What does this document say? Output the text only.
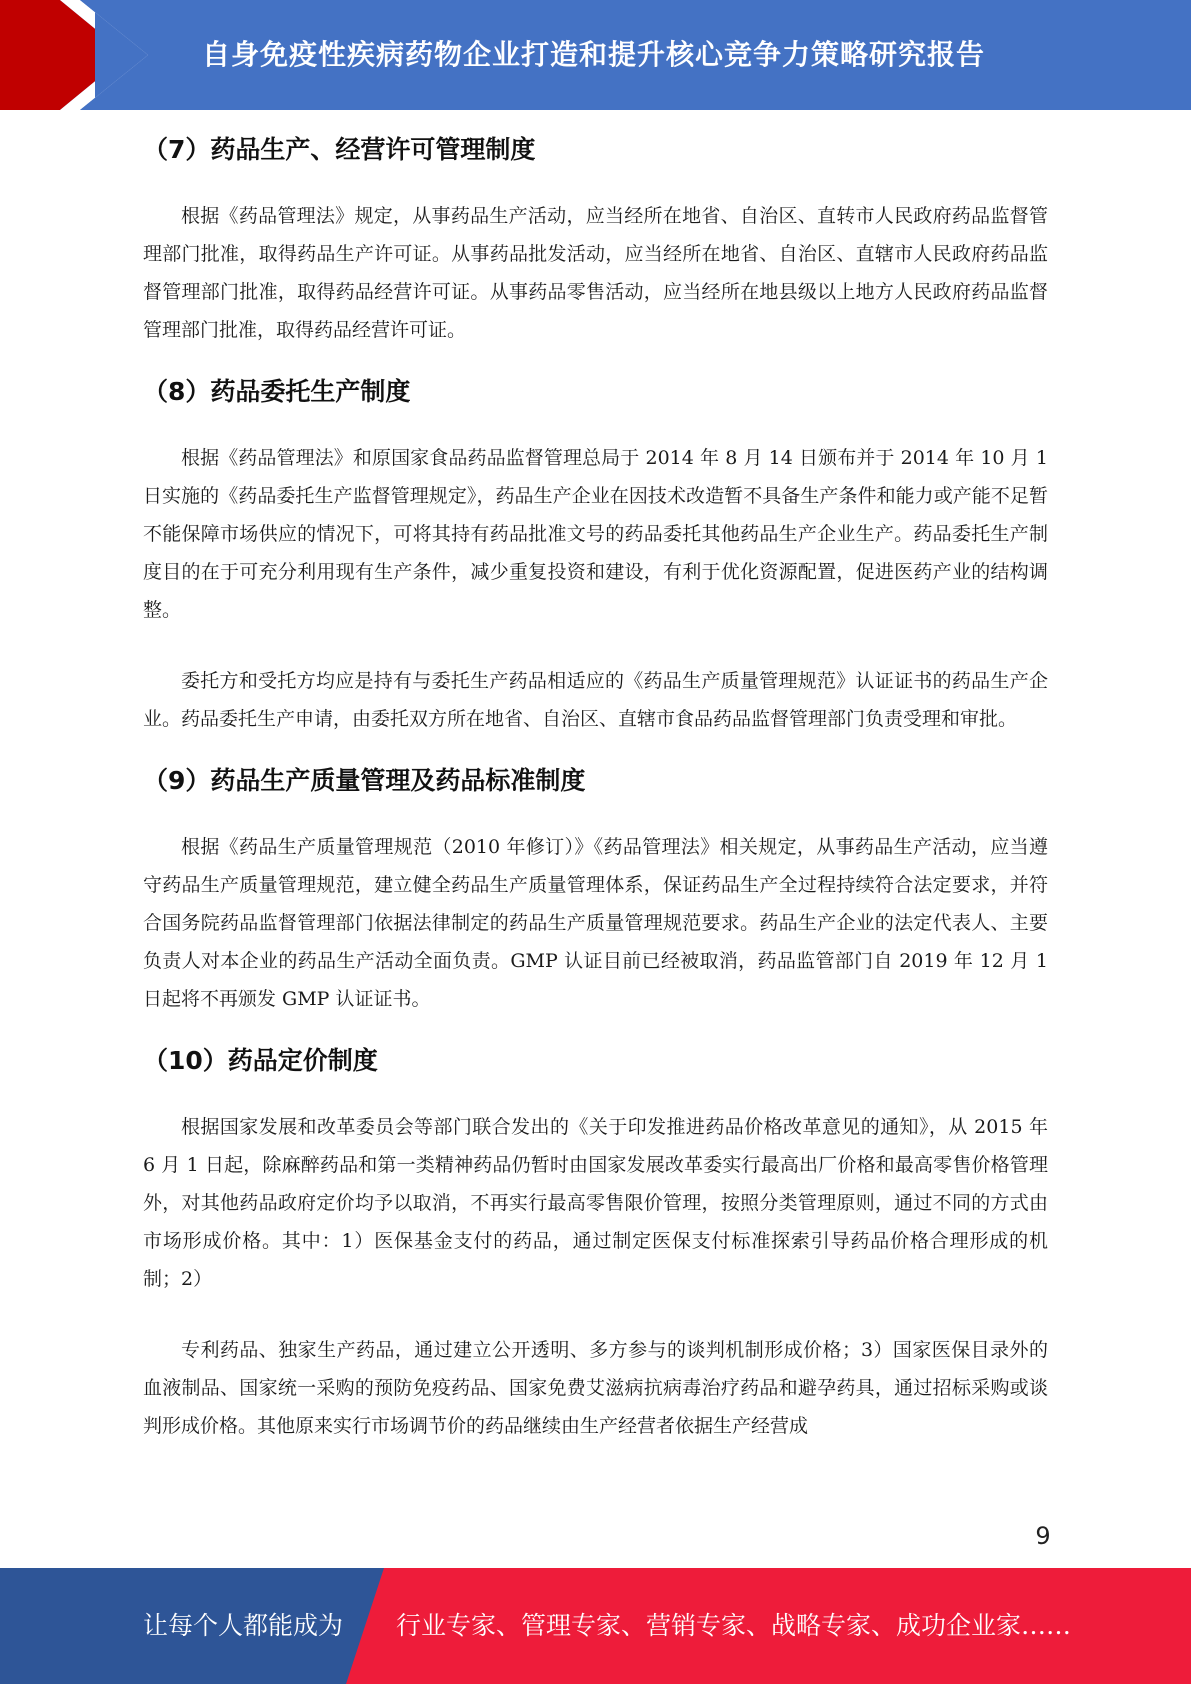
自身免疫性疾病药物企业打造和提升核心竞争力策略研究报告
（7）药品生产、经营许可管理制度

根据《药品管理法》规定，从事药品生产活动，应当经所在地省、自治区、直转市人民政府药品监督管理部门批准，取得药品生产许可证。从事药品批发活动，应当经所在地省、自治区、直辖市人民政府药品监督管理部门批准，取得药品经营许可证。从事药品零售活动，应当经所在地县级以上地方人民政府药品监督管理部门批准，取得药品经营许可证。

（8）药品委托生产制度

根据《药品管理法》和原国家食品药品监督管理总局于 2014 年 8 月 14 日颁布并于 2014 年 10 月 1 日实施的《药品委托生产监督管理规定》，药品生产企业在因技术改造暂不具备生产条件和能力或产能不足暂不能保障市场供应的情况下，可将其持有药品批准文号的药品委托其他药品生产企业生产。药品委托生产制度目的在于可充分利用现有生产条件，减少重复投资和建设，有利于优化资源配置，促进医药产业的结构调整。

委托方和受托方均应是持有与委托生产药品相适应的《药品生产质量管理规范》认证证书的药品生产企业。药品委托生产申请，由委托双方所在地省、自治区、直辖市食品药品监督管理部门负责受理和审批。

（9）药品生产质量管理及药品标准制度

根据《药品生产质量管理规范（2010 年修订）》《药品管理法》相关规定，从事药品生产活动，应当遵守药品生产质量管理规范，建立健全药品生产质量管理体系，保证药品生产全过程持续符合法定要求，并符合国务院药品监督管理部门依据法律制定的药品生产质量管理规范要求。药品生产企业的法定代表人、主要负责人对本企业的药品生产活动全面负责。GMP 认证目前已经被取消，药品监管部门自 2019 年 12 月 1 日起将不再颁发 GMP 认证证书。

（10）药品定价制度

根据国家发展和改革委员会等部门联合发出的《关于印发推进药品价格改革意见的通知》，从 2015 年 6 月 1 日起，除麻醉药品和第一类精神药品仍暂时由国家发展改革委实行最高出厂价格和最高零售价格管理外，对其他药品政府定价均予以取消，不再实行最高零售限价管理，按照分类管理原则，通过不同的方式由市场形成价格。其中：1）医保基金支付的药品，通过制定医保支付标准探索引导药品价格合理形成的机制；2）

专利药品、独家生产药品，通过建立公开透明、多方参与的谈判机制形成价格；3）国家医保目录外的血液制品、国家统一采购的预防免疫药品、国家免费艾滋病抗病毒治疗药品和避孕药具，通过招标采购或谈判形成价格。其他原来实行市场调节价的药品继续由生产经营者依据生产经营成

9
让每个人都能成为 行业专家、管理专家、营销专家、战略专家、成功企业家……
